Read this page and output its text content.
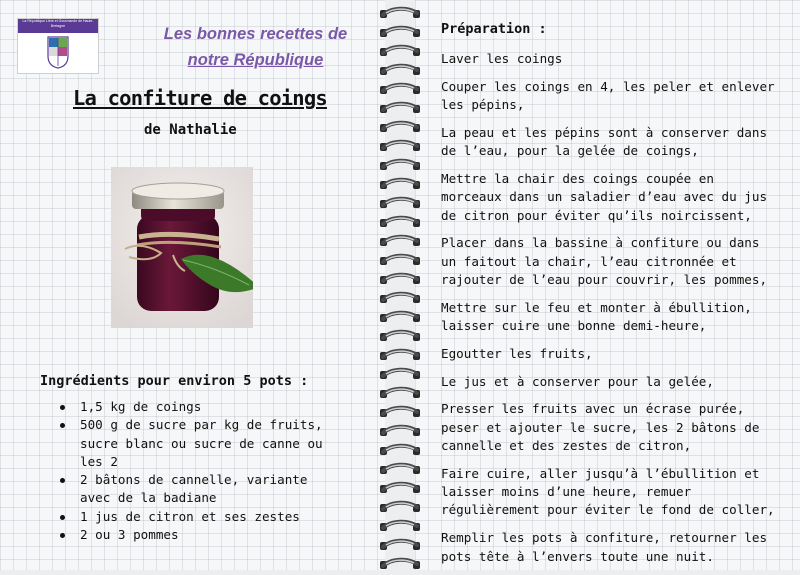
La République Libre et Gourmande de Haute-Bretagne	Les bonnes recettes de
notre République
La confiture de coings
de Nathalie
Ingrédients pour environ 5 pots :
1,5 kg de coings
500 g de sucre par kg de fruits, sucre blanc ou sucre de canne ou les 2
2 bâtons de cannelle, variante avec de la badiane
1 jus de citron et ses zestes
2 ou 3 pommes
Préparation :

Laver les coings

Couper les coings en 4, les peler et enlever les pépins,

La peau et les pépins sont à conserver dans de l’eau, pour la gelée de coings,

Mettre la chair des coings coupée en morceaux dans un saladier d’eau avec du jus de citron pour éviter qu’ils noircissent,

Placer dans la bassine à confiture ou dans un faitout la chair, l’eau citronnée et rajouter de l’eau pour couvrir, les pommes,

Mettre sur le feu et monter à ébullition, laisser cuire une bonne demi-heure,

Egoutter les fruits,

Le jus et à conserver pour la gelée,

Presser les fruits avec un écrase purée, peser et ajouter le sucre, les 2 bâtons de cannelle et des zestes de citron,

Faire cuire, aller jusqu’à l’ébullition et laisser moins d’une heure, remuer régulièrement pour éviter le fond de coller,

Remplir les pots à confiture, retourner les pots tête à l’envers toute une nuit.
